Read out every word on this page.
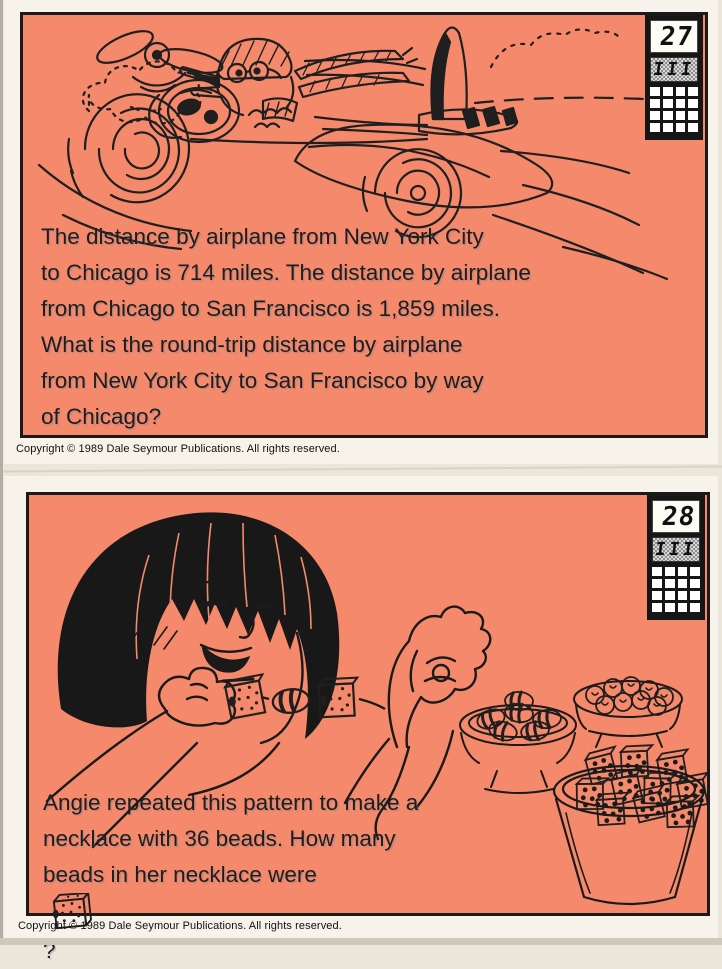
27
III
The distance by airplane from New York City
to Chicago is 714 miles. The distance by airplane
from Chicago to San Francisco is 1,859 miles.
What is the round-trip distance by airplane
from New York City to San Francisco by way
of Chicago?
Copyright © 1989 Dale Seymour Publications. All rights reserved.
28
III
Angie repeated this pattern to make a
necklace with 36 beads. How many
beads in her necklace were
?
Copyright © 1989 Dale Seymour Publications. All rights reserved.
